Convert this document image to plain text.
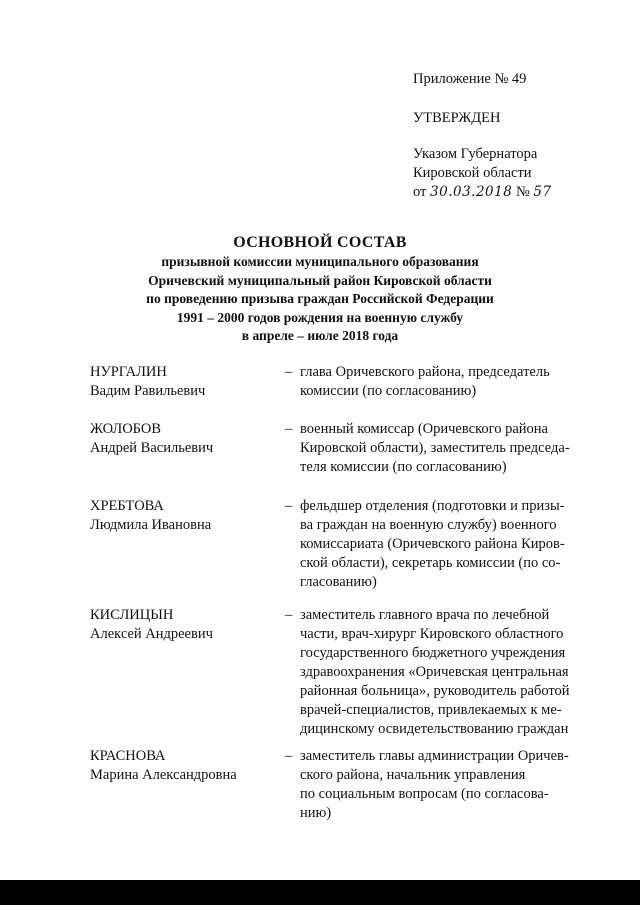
Приложение № 49
УТВЕРЖДЕН
Указом Губернатора
Кировской области
от 30.03.2018 № 57
ОСНОВНОЙ СОСТАВ
призывной комиссии муниципального образования
Оричевский муниципальный район Кировской области
по проведению призыва граждан Российской Федерации
1991 – 2000 годов рождения на военную службу
в апреле – июле 2018 года
НУРГАЛИН
Вадим Равильевич
– глава Оричевского района, председатель
комиссии (по согласованию)
ЖОЛОБОВ
Андрей Васильевич
– военный комиссар (Оричевского района
Кировской области), заместитель председа-
теля комиссии (по согласованию)
ХРЕБТОВА
Людмила Ивановна
– фельдшер отделения (подготовки и призы-
ва граждан на военную службу) военного
комиссариата (Оричевского района Киров-
ской области), секретарь комиссии (по со-
гласованию)
КИСЛИЦЫН
Алексей Андреевич
– заместитель главного врача по лечебной
части, врач-хирург Кировского областного
государственного бюджетного учреждения
здравоохранения «Оричевская центральная
районная больница», руководитель работой
врачей-специалистов, привлекаемых к ме-
дицинскому освидетельствованию граждан
КРАСНОВА
Марина Александровна
– заместитель главы администрации Оричев-
ского района, начальник управления
по социальным вопросам (по согласова-
нию)
